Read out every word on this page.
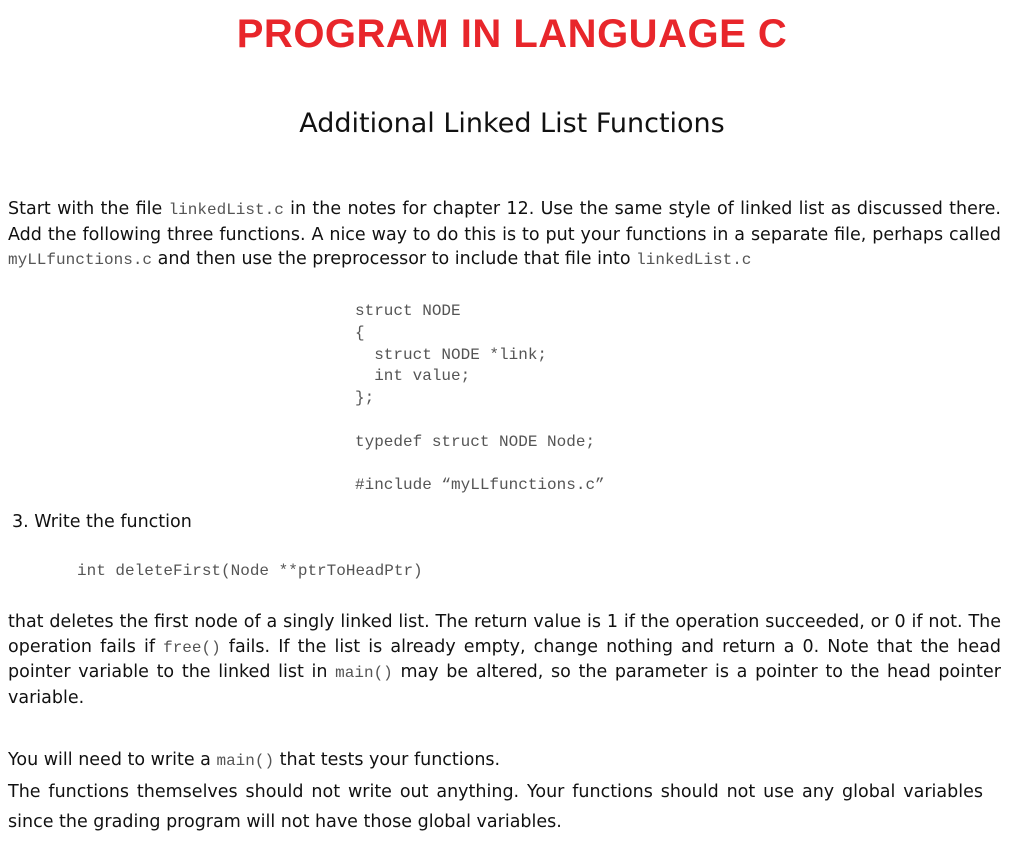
PROGRAM IN LANGUAGE C
Additional Linked List Functions

Start with the file linkedList.c in the notes for chapter 12. Use the same style of linked list as discussed there. Add the following three functions. A nice way to do this is to put your functions in a separate file, perhaps called myLLfunctions.c and then use the preprocessor to include that file into linkedList.c

struct NODE
{
struct NODE *link;
int value;
};

typedef struct NODE Node;

#include “myLLfunctions.c”

3. Write the function

int deleteFirst(Node **ptrToHeadPtr)

that deletes the first node of a singly linked list. The return value is 1 if the operation succeeded, or 0 if not. The operation fails if free() fails. If the list is already empty, change nothing and return a 0. Note that the head pointer variable to the linked list in main() may be altered, so the parameter is a pointer to the head pointer variable.

You will need to write a main() that tests your functions.

The functions themselves should not write out anything. Your functions should not use any global variables since the grading program will not have those global variables.
